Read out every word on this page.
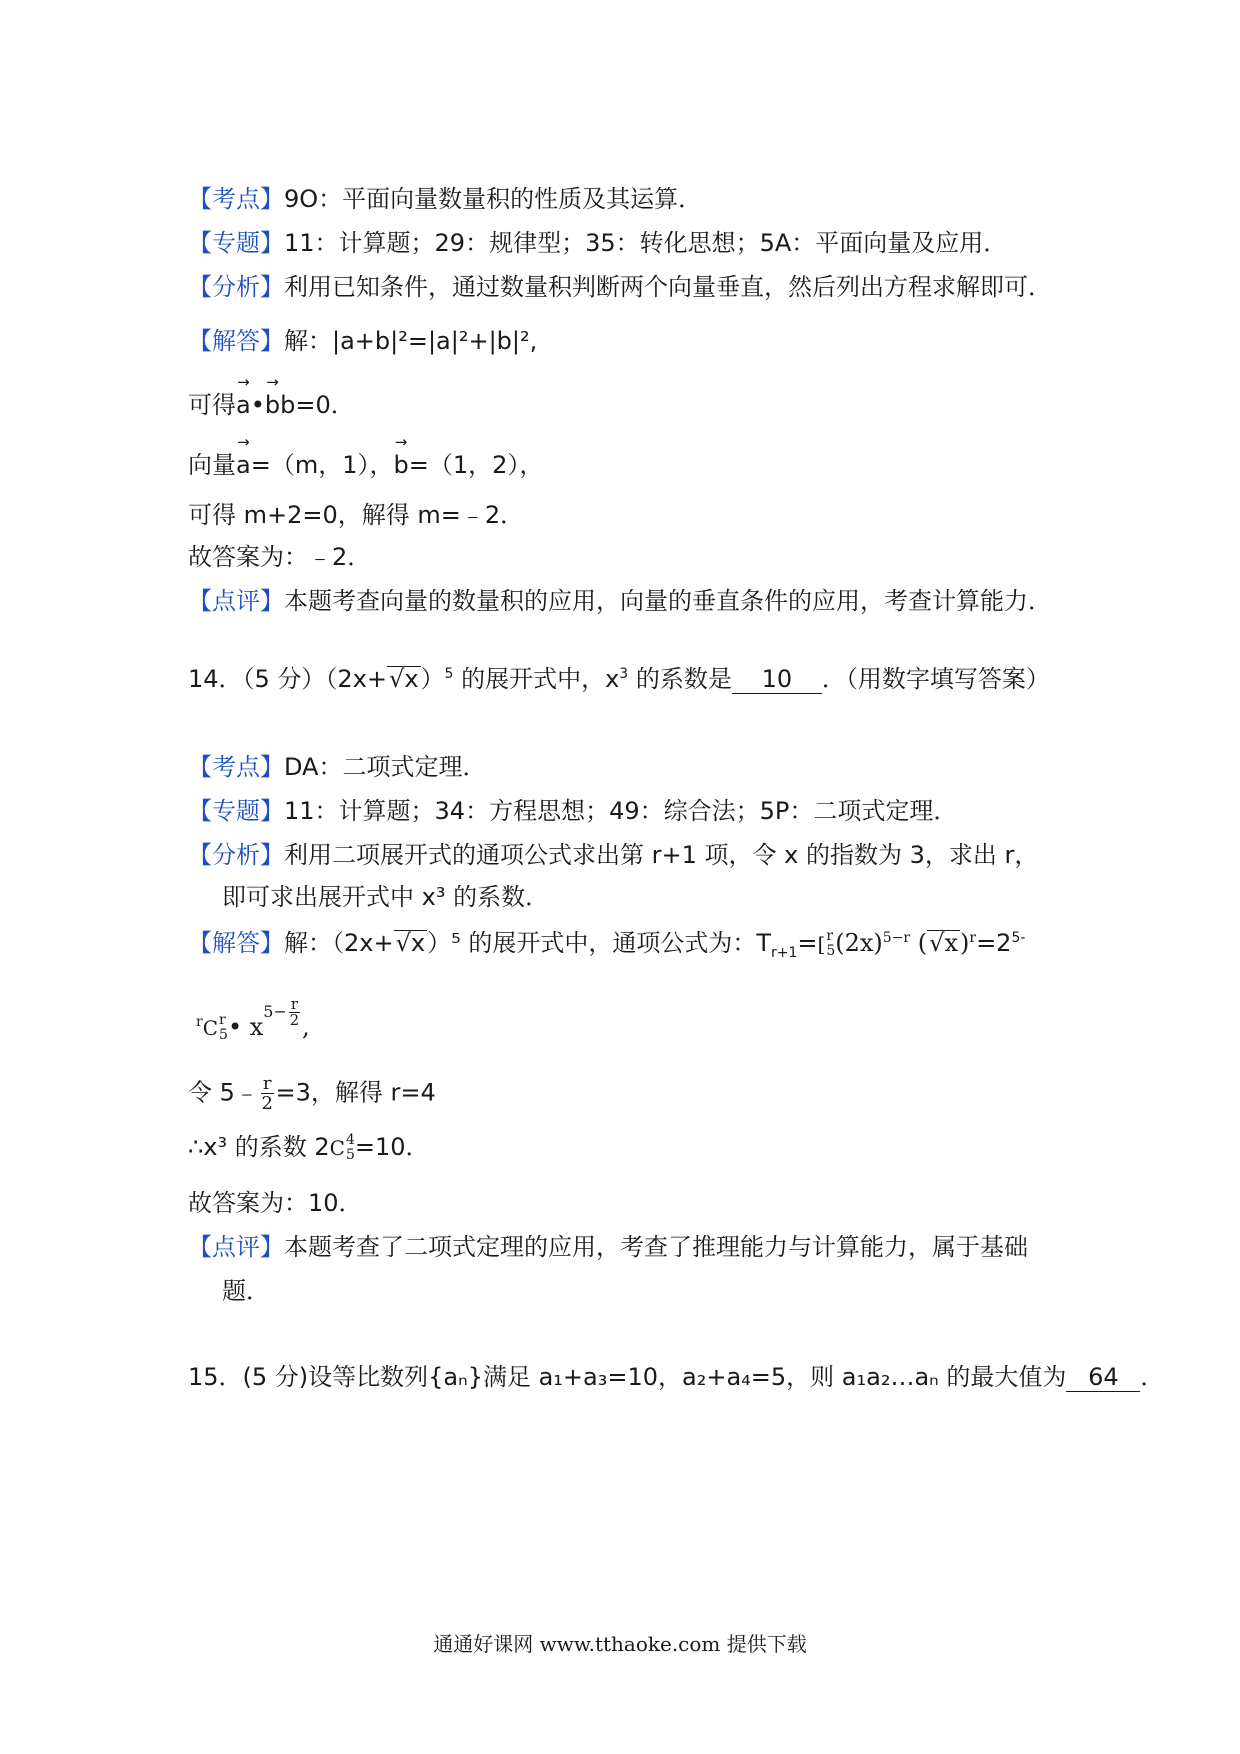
【考点】9O：平面向量数量积的性质及其运算．
【专题】11：计算题；29：规律型；35：转化思想；5A：平面向量及应用．
【分析】利用已知条件，通过数量积判断两个向量垂直，然后列出方程求解即可．
【解答】解：|a+b|²=|a|²+|b|²,
可得→ a•→ bb=0．
向量→ a=（m，1），→ b=（1，2），
可得 m+2=0，解得 m=﹣2．
故答案为：﹣2．
【点评】本题考查向量的数量积的应用，向量的垂直条件的应用，考查计算能力．
14．（5 分）$(2x+√x)^5$ 的展开式中，$x^3$ 的系数是 10 ．（用数字填写答案）
【考点】DA：二项式定理．
【专题】11：计算题；34：方程思想；49：综合法；5P：二项式定理．
【分析】利用二项展开式的通项公式求出第 r+1 项，令 x 的指数为 3，求出 r，
即可求出展开式中 x³ 的系数．
【解答】解：（2x+√x）⁵ 的展开式中，通项公式为：$T_{r+1}=$ [ r
5 $(2x)^{5-r}$ $(√x)^r=2^{5-}$
$^r$ C r
5 • x
$5- \frac{r}{2}$ ,
令 5﹣ $\frac{r}{2} =3$，解得 r=4
∴x³ 的系数 2 C 4
5 =10．
故答案为：10．
【点评】本题考查了二项式定理的应用，考查了推理能力与计算能力，属于基础
题．
15．(5 分)设等比数列{aₙ}满足 a₁+a₃=10，a₂+a₄=5，则 a₁a₂…aₙ 的最大值为 64 ．
通通好课网 www.tthaoke.com 提供下载
